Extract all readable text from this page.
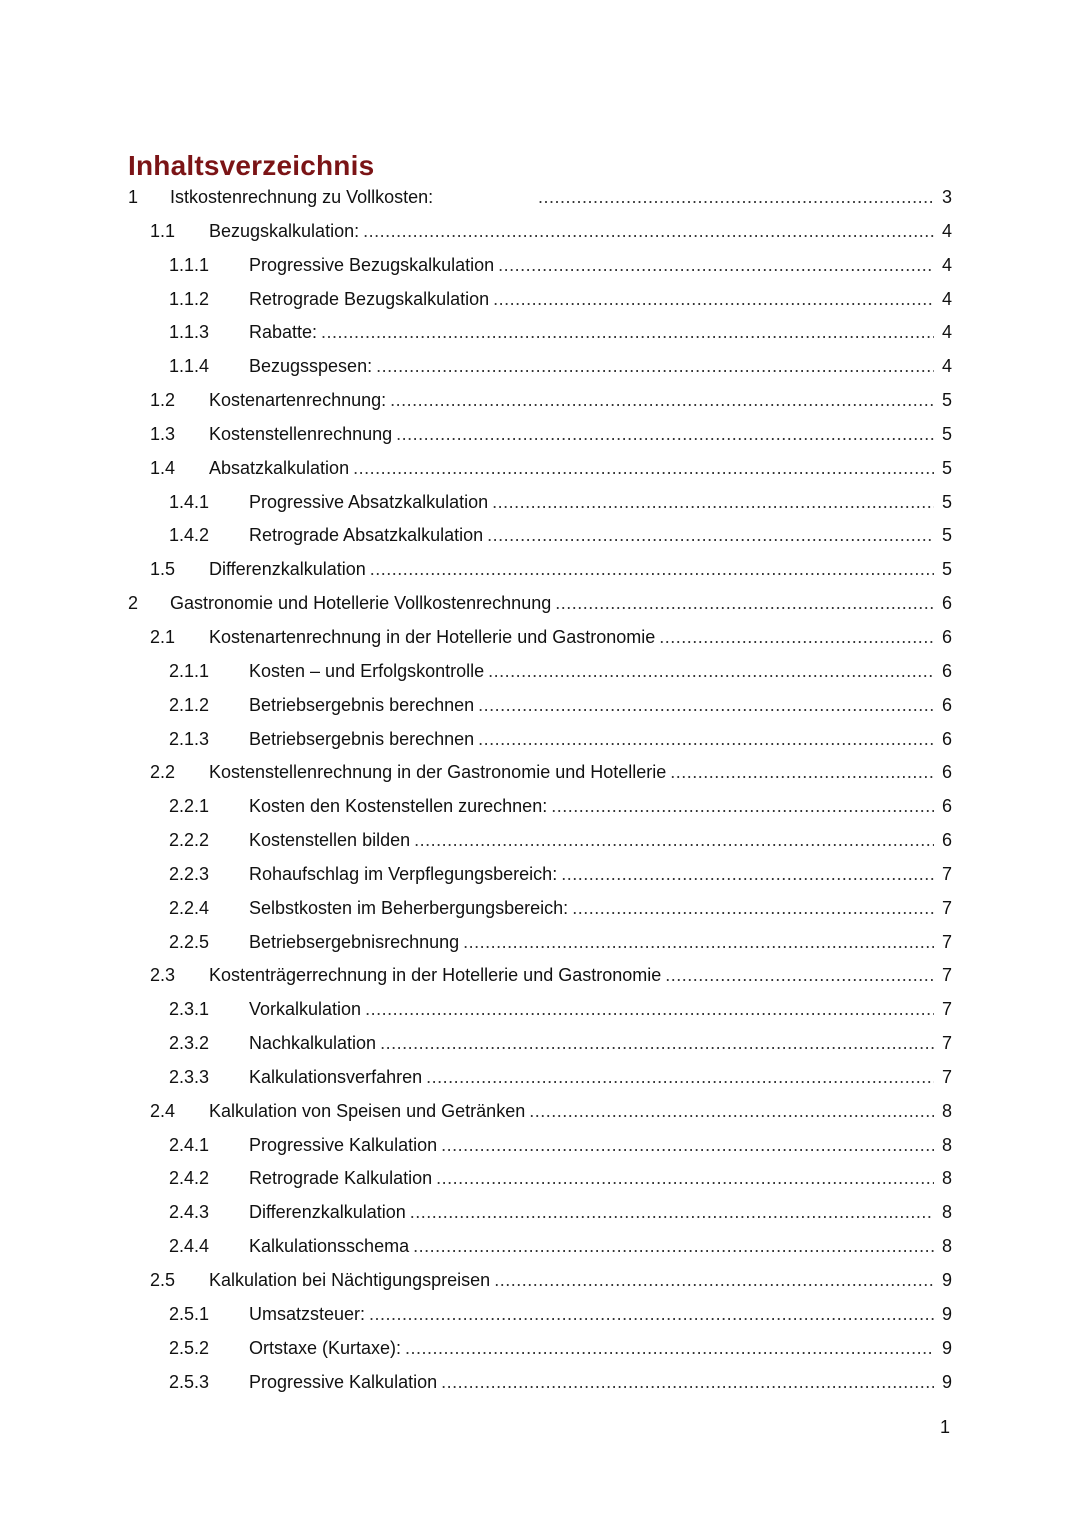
Inhaltsverzeichnis
1 Istkostenrechnung zu Vollkosten: .....	3
1.1 Bezugskalkulation: .....	4
1.1.1 Progressive Bezugskalkulation .....	4
1.1.2 Retrograde Bezugskalkulation .....	4
1.1.3 Rabatte: .....	4
1.1.4 Bezugsspesen: .....	4
1.2 Kostenartenrechnung: .....	5
1.3 Kostenstellenrechnung .....	5
1.4 Absatzkalkulation .....	5
1.4.1 Progressive Absatzkalkulation .....	5
1.4.2 Retrograde Absatzkalkulation .....	5
1.5 Differenzkalkulation .....	5
2 Gastronomie und Hotellerie Vollkostenrechnung .....	6
2.1 Kostenartenrechnung in der Hotellerie und Gastronomie .....	6
2.1.1 Kosten – und Erfolgskontrolle .....	6
2.1.2 Betriebsergebnis berechnen .....	6
2.1.3 Betriebsergebnis berechnen .....	6
2.2 Kostenstellenrechnung in der Gastronomie und Hotellerie .....	6
2.2.1 Kosten den Kostenstellen zurechnen: .....	6
2.2.2 Kostenstellen bilden .....	6
2.2.3 Rohaufschlag im Verpflegungsbereich: .....	7
2.2.4 Selbstkosten im Beherbergungsbereich: .....	7
2.2.5 Betriebsergebnisrechnung .....	7
2.3 Kostenträgerrechnung in der Hotellerie und Gastronomie .....	7
2.3.1 Vorkalkulation .....	7
2.3.2 Nachkalkulation .....	7
2.3.3 Kalkulationsverfahren .....	7
2.4 Kalkulation von Speisen und Getränken .....	8
2.4.1 Progressive Kalkulation .....	8
2.4.2 Retrograde Kalkulation .....	8
2.4.3 Differenzkalkulation .....	8
2.4.4 Kalkulationsschema .....	8
2.5 Kalkulation bei Nächtigungspreisen .....	9
2.5.1 Umsatzsteuer: .....	9
2.5.2 Ortstaxe (Kurtaxe): .....	9
2.5.3 Progressive Kalkulation .....	9
1
